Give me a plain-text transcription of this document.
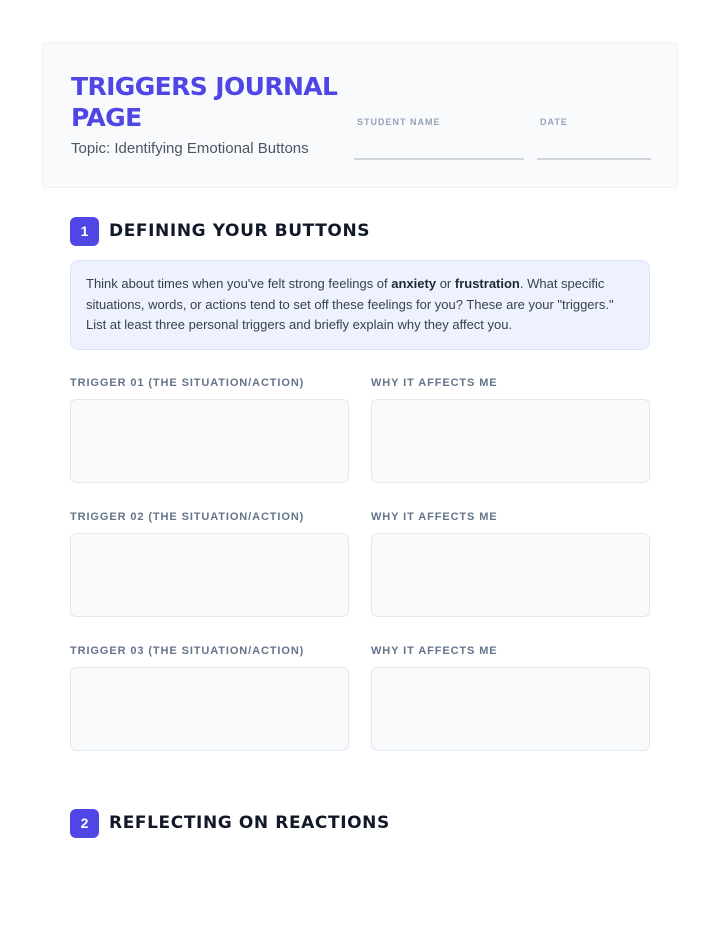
TRIGGERS JOURNAL PAGE
Topic: Identifying Emotional Buttons
STUDENT NAME	DATE
1	DEFINING YOUR BUTTONS
Think about times when you've felt strong feelings of anxiety or frustration. What specific situations, words, or actions tend to set off these feelings for you? These are your "triggers." List at least three personal triggers and briefly explain why they affect you.
TRIGGER 01 (THE SITUATION/ACTION)	WHY IT AFFECTS ME
TRIGGER 02 (THE SITUATION/ACTION)	WHY IT AFFECTS ME
TRIGGER 03 (THE SITUATION/ACTION)	WHY IT AFFECTS ME
2	REFLECTING ON REACTIONS
